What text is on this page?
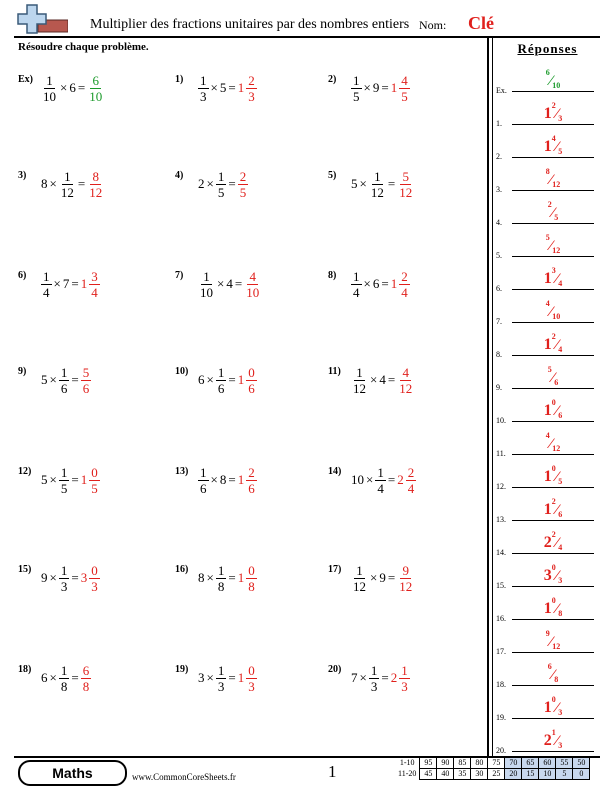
Multiplier des fractions unitaires par des nombres entiers Nom: Clé
Résoudre chaque problème.	Réponses
$Ex) \frac{1}{10} \times 6 = \frac{6}{10}$	1)	$\frac{1}{3} \times 5 = 1 \frac{2}{3}$	2)	$\frac{1}{5} \times 9 = 1 \frac{4}{5}$
3)
$8 \times \frac{1}{12} = \frac{8}{12}$	4)
$2 \times \frac{1}{5} = \frac{2}{5}$	5)
$5 \times \frac{1}{12} = \frac{5}{12}$
6)	$\frac{1}{4} \times 7 = 1 \frac{3}{4}$	7)	$\frac{1}{10} \times 4 = \frac{4}{10}$	8)	$\frac{1}{4} \times 6 = 1 \frac{2}{4}$
9)
$5 \times \frac{1}{6} = \frac{5}{6}$	10)
$6 \times \frac{1}{6} = 1 \frac{0}{6}$	$11) \frac{1}{12} \times 4 = \frac{4}{12}$
12)
$5 \times \frac{1}{5} = 1 \frac{0}{5}$	$13) \frac{1}{6} \times 8 = 1 \frac{2}{6}$	14)
$10 \times \frac{1}{4} = 2 \frac{2}{4}$
15)
$9 \times \frac{1}{3} = 3 \frac{0}{3}$	16)
$8 \times \frac{1}{8} = 1 \frac{0}{8}$	$17) \frac{1}{12} \times 9 = \frac{9}{12}$
18)
$6 \times \frac{1}{8} = \frac{6}{8}$	19)
$3 \times \frac{1}{3} = 1 \frac{0}{3}$	20)
$7 \times \frac{1}{3} = 2 \frac{1}{3}$
Ex.
$^6$⁄10
1.
$1^2⁄3$
2.
$1^4⁄5$
3.
$^8$⁄12
4.
$^2$⁄5
5.
$^5$⁄12
6.
$1^3⁄4$
7.
$^4$⁄10
8.
$1^2⁄4$
9.
$^5$⁄6
10.
$1^0⁄6$
11.
$^4$⁄12
12.
$1^0⁄5$
13.
$1^2⁄6$
14.
$2^2⁄4$
15.
$3^0⁄3$
16.
$1^0⁄8$
17.
$^9$⁄12
18.
$^6$⁄8
19.
$1^0⁄3$
20.
$2^1⁄3$
Maths	www.CommonCoreSheets.fr	1	1-10	95	90	85	80	75	70	65	60	55	50
11-20	45	40	35	30	25	20	15	10	5	0
